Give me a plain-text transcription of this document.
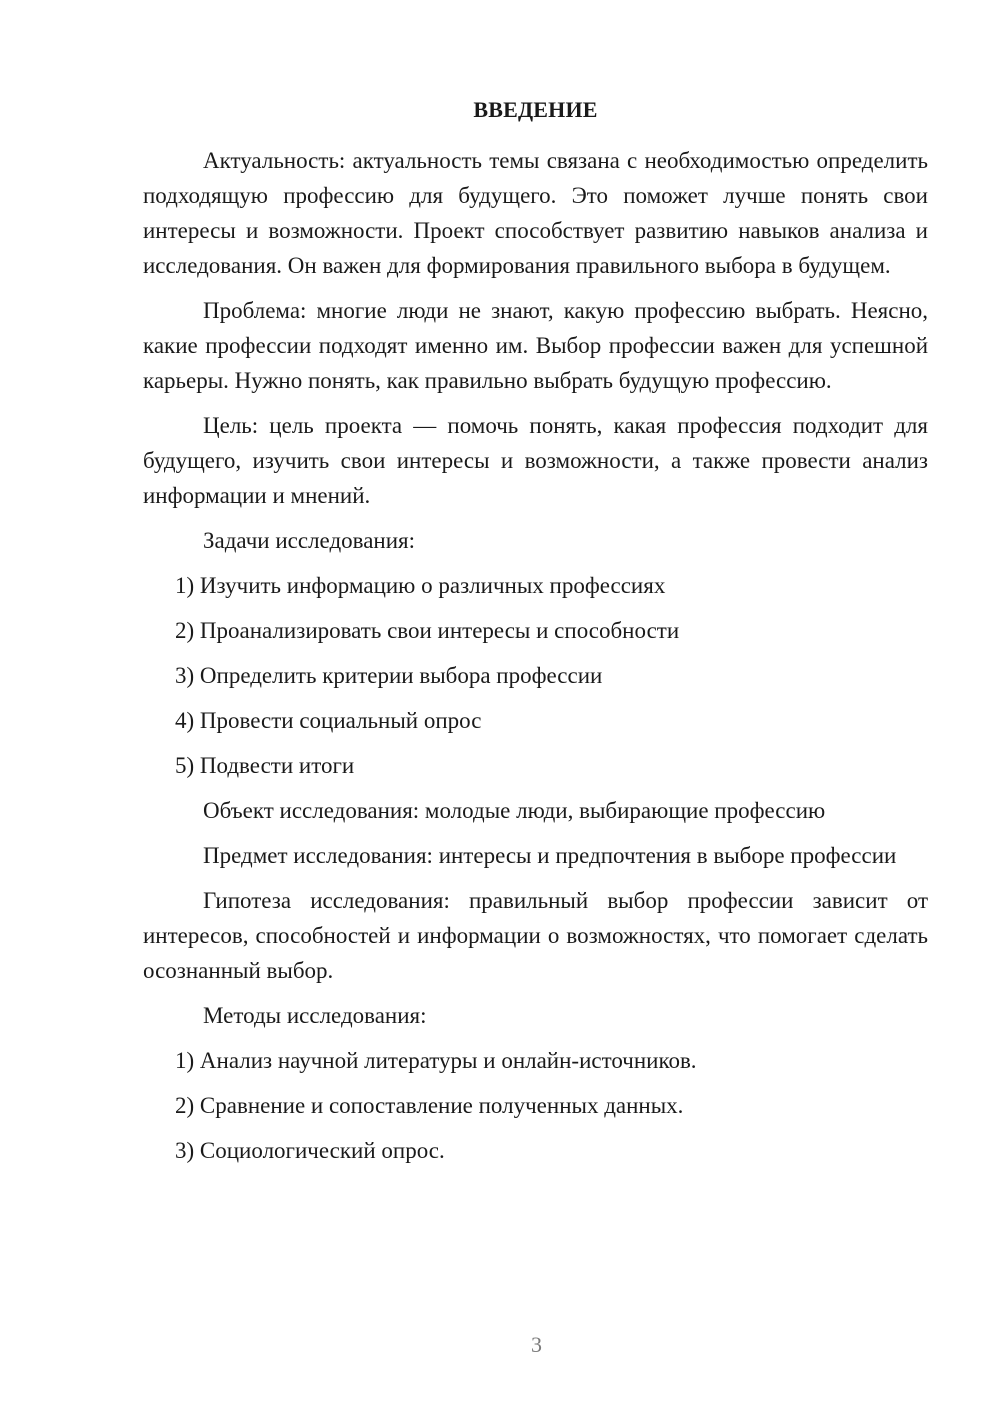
ВВЕДЕНИЕ
Актуальность: актуальность темы связана с необходимостью определить подходящую профессию для будущего. Это поможет лучше понять свои интересы и возможности. Проект способствует развитию навыков анализа и исследования. Он важен для формирования правильного выбора в будущем.
Проблема: многие люди не знают, какую профессию выбрать. Неясно, какие профессии подходят именно им. Выбор профессии важен для успешной карьеры. Нужно понять, как правильно выбрать будущую профессию.
Цель: цель проекта — помочь понять, какая профессия подходит для будущего, изучить свои интересы и возможности, а также провести анализ информации и мнений.
Задачи исследования:
1) Изучить информацию о различных профессиях
2) Проанализировать свои интересы и способности
3) Определить критерии выбора профессии
4) Провести социальный опрос
5) Подвести итоги
Объект исследования: молодые люди, выбирающие профессию
Предмет исследования: интересы и предпочтения в выборе профессии
Гипотеза исследования: правильный выбор профессии зависит от интересов, способностей и информации о возможностях, что помогает сделать осознанный выбор.
Методы исследования:
1) Анализ научной литературы и онлайн-источников.
2) Сравнение и сопоставление полученных данных.
3) Социологический опрос.
3
